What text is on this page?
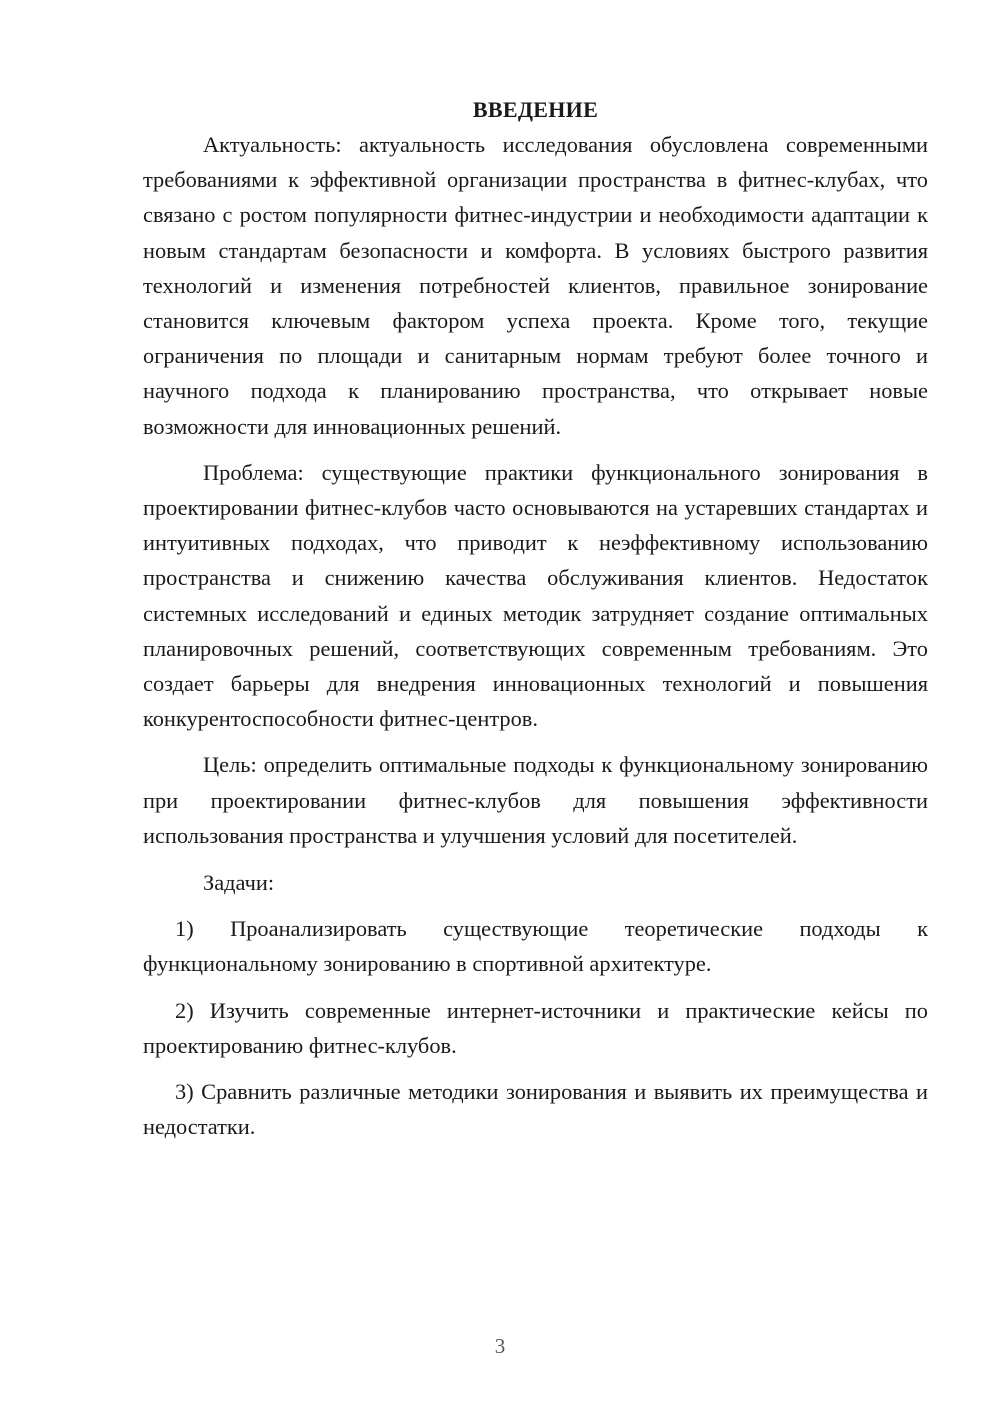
ВВЕДЕНИЕ

Актуальность: актуальность исследования обусловлена современными требованиями к эффективной организации пространства в фитнес-клубах, что связано с ростом популярности фитнес-индустрии и необходимости адаптации к новым стандартам безопасности и комфорта. В условиях быстрого развития технологий и изменения потребностей клиентов, правильное зонирование становится ключевым фактором успеха проекта. Кроме того, текущие ограничения по площади и санитарным нормам требуют более точного и научного подхода к планированию пространства, что открывает новые возможности для инновационных решений.

Проблема: существующие практики функционального зонирования в проектировании фитнес-клубов часто основываются на устаревших стандартах и интуитивных подходах, что приводит к неэффективному использованию пространства и снижению качества обслуживания клиентов. Недостаток системных исследований и единых методик затрудняет создание оптимальных планировочных решений, соответствующих современным требованиям. Это создает барьеры для внедрения инновационных технологий и повышения конкурентоспособности фитнес-центров.

Цель: определить оптимальные подходы к функциональному зонированию при проектировании фитнес-клубов для повышения эффективности использования пространства и улучшения условий для посетителей.

Задачи:

1) Проанализировать существующие теоретические подходы к функциональному зонированию в спортивной архитектуре.

2) Изучить современные интернет-источники и практические кейсы по проектированию фитнес-клубов.

3) Сравнить различные методики зонирования и выявить их преимущества и недостатки.

3
